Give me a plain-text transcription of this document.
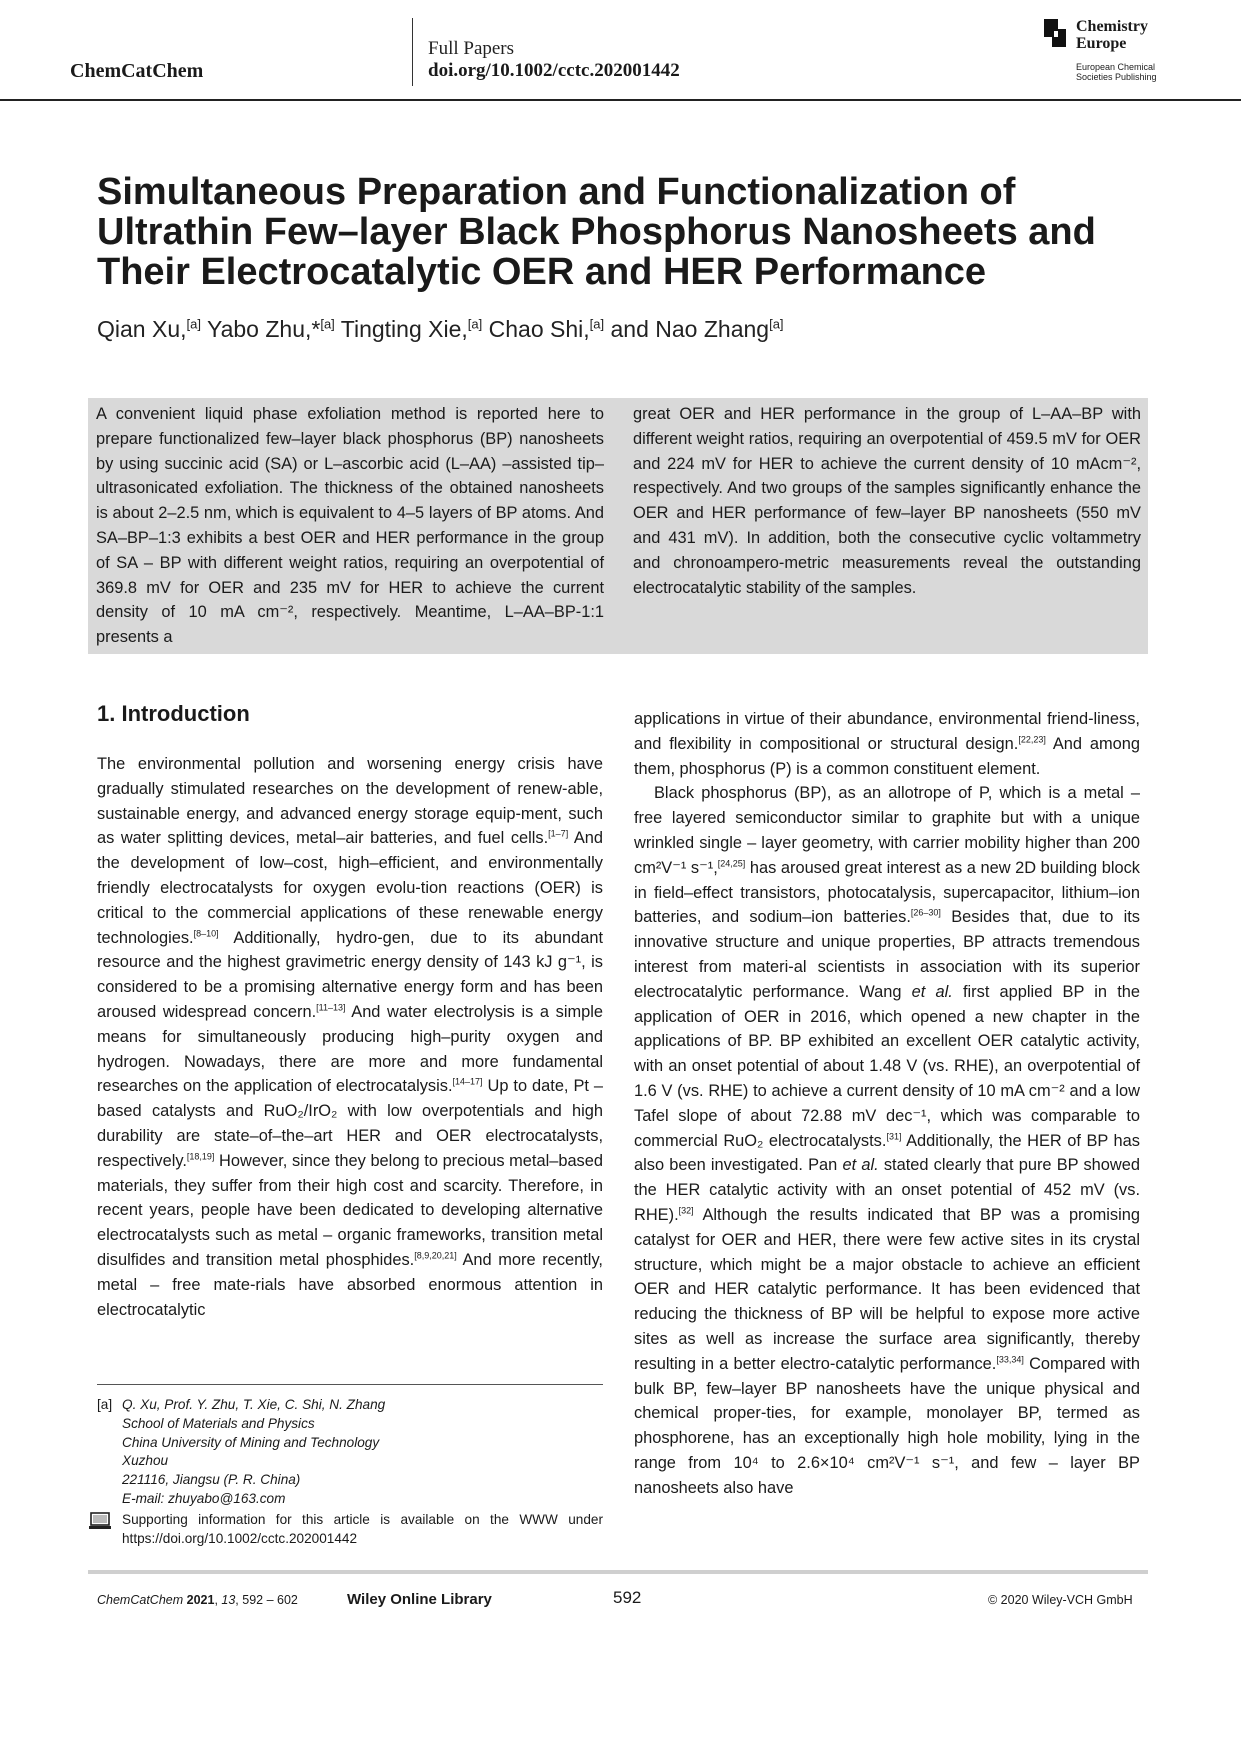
ChemCatChem
Full Papers
doi.org/10.1002/cctc.202001442
Chemistry
Europe
European Chemical
Societies Publishing
Simultaneous Preparation and Functionalization of Ultrathin Few–layer Black Phosphorus Nanosheets and Their Electrocatalytic OER and HER Performance
Qian Xu,[a] Yabo Zhu,*[a] Tingting Xie,[a] Chao Shi,[a] and Nao Zhang[a]

A convenient liquid phase exfoliation method is reported here to prepare functionalized few–layer black phosphorus (BP) nanosheets by using succinic acid (SA) or L–ascorbic acid (L–AA) –assisted tip–ultrasonicated exfoliation. The thickness of the obtained nanosheets is about 2–2.5 nm, which is equivalent to 4–5 layers of BP atoms. And SA–BP–1:3 exhibits a best OER and HER performance in the group of SA – BP with different weight ratios, requiring an overpotential of 369.8 mV for OER and 235 mV for HER to achieve the current density of 10 mA cm⁻², respectively. Meantime, L–AA–BP-1:1 presents a

great OER and HER performance in the group of L–AA–BP with different weight ratios, requiring an overpotential of 459.5 mV for OER and 224 mV for HER to achieve the current density of 10 mAcm⁻², respectively. And two groups of the samples significantly enhance the OER and HER performance of few–layer BP nanosheets (550 mV and 431 mV). In addition, both the consecutive cyclic voltammetry and chronoampero-metric measurements reveal the outstanding electrocatalytic stability of the samples.

1. Introduction

The environmental pollution and worsening energy crisis have gradually stimulated researches on the development of renew-able, sustainable energy, and advanced energy storage equip-ment, such as water splitting devices, metal–air batteries, and fuel cells.[1–7] And the development of low–cost, high–efficient, and environmentally friendly electrocatalysts for oxygen evolu-tion reactions (OER) is critical to the commercial applications of these renewable energy technologies.[8–10] Additionally, hydro-gen, due to its abundant resource and the highest gravimetric energy density of 143 kJ g⁻¹, is considered to be a promising alternative energy form and has been aroused widespread concern.[11–13] And water electrolysis is a simple means for simultaneously producing high–purity oxygen and hydrogen. Nowadays, there are more and more fundamental researches on the application of electrocatalysis.[14–17] Up to date, Pt – based catalysts and RuO₂/IrO₂ with low overpotentials and high durability are state–of–the–art HER and OER electrocatalysts, respectively.[18,19] However, since they belong to precious metal–based materials, they suffer from their high cost and scarcity. Therefore, in recent years, people have been dedicated to developing alternative electrocatalysts such as metal – organic frameworks, transition metal disulfides and transition metal phosphides.[8,9,20,21] And more recently, metal – free mate-rials have absorbed enormous attention in electrocatalytic

applications in virtue of their abundance, environmental friend-liness, and flexibility in compositional or structural design.[22,23] And among them, phosphorus (P) is a common constituent element.

Black phosphorus (BP), as an allotrope of P, which is a metal – free layered semiconductor similar to graphite but with a unique wrinkled single – layer geometry, with carrier mobility higher than 200 cm²V⁻¹ s⁻¹,[24,25] has aroused great interest as a new 2D building block in field–effect transistors, photocatalysis, supercapacitor, lithium–ion batteries, and sodium–ion batteries.[26–30] Besides that, due to its innovative structure and unique properties, BP attracts tremendous interest from materi-al scientists in association with its superior electrocatalytic performance. Wang et al. first applied BP in the application of OER in 2016, which opened a new chapter in the applications of BP. BP exhibited an excellent OER catalytic activity, with an onset potential of about 1.48 V (vs. RHE), an overpotential of 1.6 V (vs. RHE) to achieve a current density of 10 mA cm⁻² and a low Tafel slope of about 72.88 mV dec⁻¹, which was comparable to commercial RuO₂ electrocatalysts.[31] Additionally, the HER of BP has also been investigated. Pan et al. stated clearly that pure BP showed the HER catalytic activity with an onset potential of 452 mV (vs. RHE).[32] Although the results indicated that BP was a promising catalyst for OER and HER, there were few active sites in its crystal structure, which might be a major obstacle to achieve an efficient OER and HER catalytic performance. It has been evidenced that reducing the thickness of BP will be helpful to expose more active sites as well as increase the surface area significantly, thereby resulting in a better electro-catalytic performance.[33,34] Compared with bulk BP, few–layer BP nanosheets have the unique physical and chemical proper-ties, for example, monolayer BP, termed as phosphorene, has an exceptionally high hole mobility, lying in the range from 10⁴ to 2.6×10⁴ cm²V⁻¹ s⁻¹, and few – layer BP nanosheets also have

[a] Q. Xu, Prof. Y. Zhu, T. Xie, C. Shi, N. Zhang
School of Materials and Physics
China University of Mining and Technology
Xuzhou
221116, Jiangsu (P. R. China)
E-mail: zhuyabo@163.com

Supporting information for this article is available on the WWW under https://doi.org/10.1002/cctc.202001442
ChemCatChem 2021, 13, 592 – 602	Wiley Online Library	592	© 2020 Wiley-VCH GmbH
